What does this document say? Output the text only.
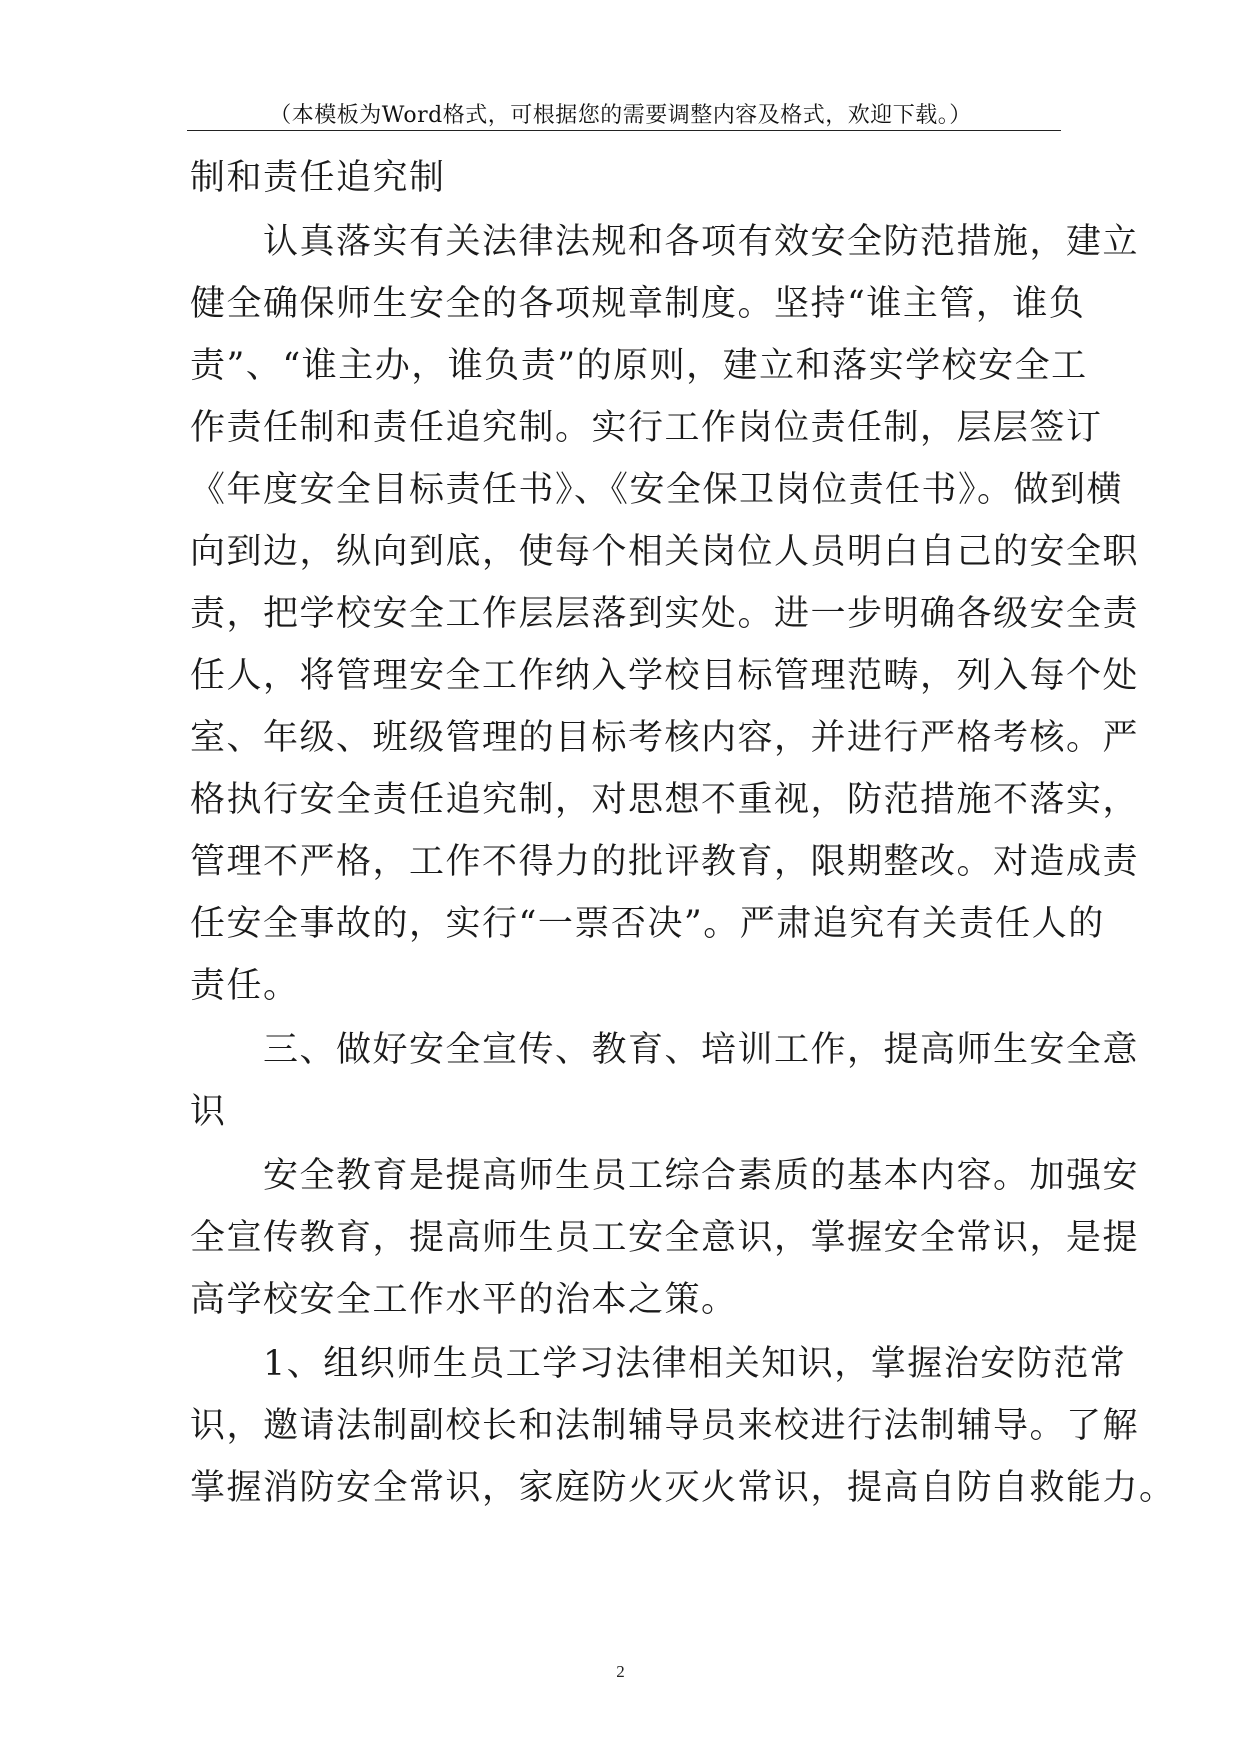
（本模板为Word格式，可根据您的需要调整内容及格式，欢迎下载。）
制和责任追究制
　　认真落实有关法律法规和各项有效安全防范措施，建立
健全确保师生安全的各项规章制度。坚持“谁主管，谁负
责”、“谁主办，谁负责”的原则，建立和落实学校安全工
作责任制和责任追究制。实行工作岗位责任制，层层签订
《年度安全目标责任书》、《安全保卫岗位责任书》。做到横
向到边，纵向到底，使每个相关岗位人员明白自己的安全职
责，把学校安全工作层层落到实处。进一步明确各级安全责
任人，将管理安全工作纳入学校目标管理范畴，列入每个处
室、年级、班级管理的目标考核内容，并进行严格考核。严
格执行安全责任追究制，对思想不重视，防范措施不落实，
管理不严格，工作不得力的批评教育，限期整改。对造成责
任安全事故的，实行“一票否决”。严肃追究有关责任人的
责任。
　　三、做好安全宣传、教育、培训工作，提高师生安全意
识
　　安全教育是提高师生员工综合素质的基本内容。加强安
全宣传教育，提高师生员工安全意识，掌握安全常识，是提
高学校安全工作水平的治本之策。
　　1、组织师生员工学习法律相关知识，掌握治安防范常
识，邀请法制副校长和法制辅导员来校进行法制辅导。了解
掌握消防安全常识，家庭防火灭火常识，提高自防自救能力。
2
